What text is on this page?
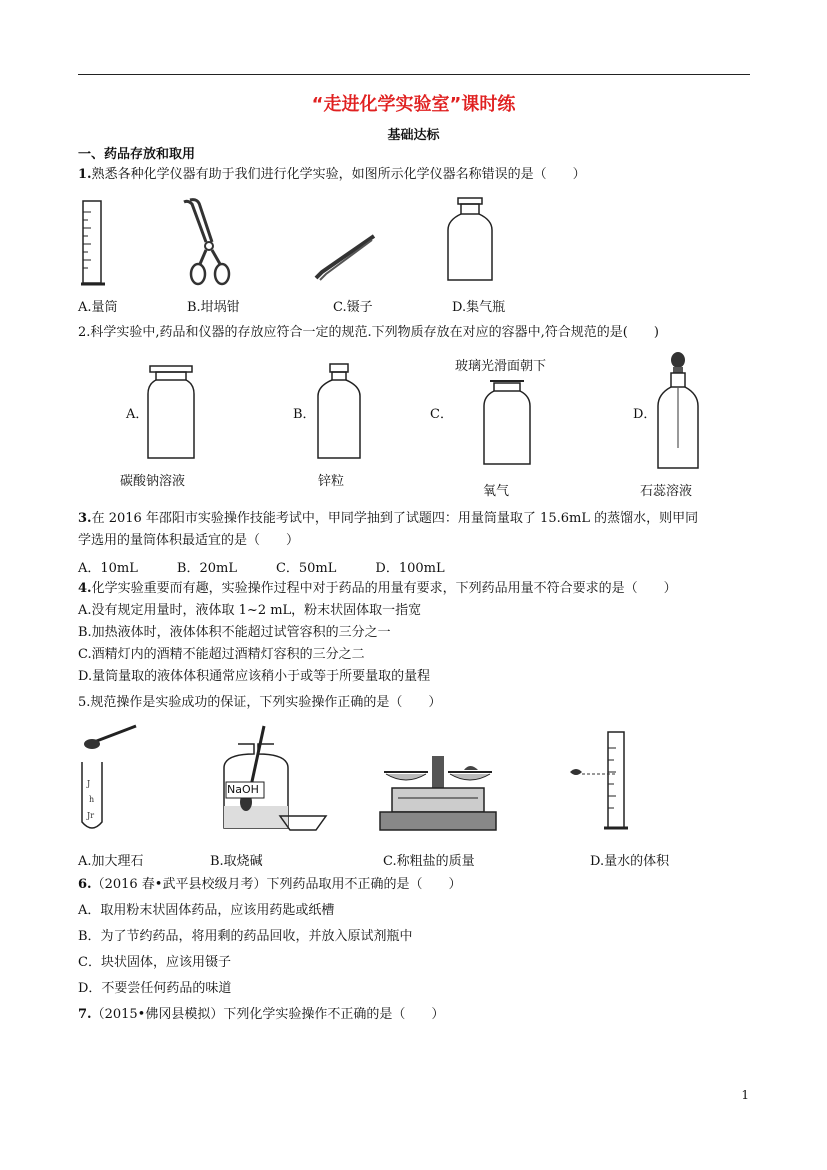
“走进化学实验室”课时练
基础达标
一、药品存放和取用
1.熟悉各种化学仪器有助于我们进行化学实验，如图所示化学仪器名称错误的是（　　）
A.量筒	B.坩埚钳	C.镊子	D.集气瓶
2.科学实验中,药品和仪器的存放应符合一定的规范.下列物质存放在对应的容器中,符合规范的是(　　)
玻璃光滑面朝下
A．
碳酸钠溶液
B．
锌粒
C．
氧气
D．
石蕊溶液
3.在 2016 年邵阳市实验操作技能考试中，甲同学抽到了试题四：用量筒量取了 15.6mL 的蒸馏水，则甲同
学选用的量筒体积最适宜的是（　　）
A．10mL　　　B．20mL　　　C．50mL　　　D．100mL
4.化学实验重要而有趣，实验操作过程中对于药品的用量有要求，下列药品用量不符合要求的是（　　）
A.没有规定用量时，液体取 1~2 mL，粉末状固体取一指宽
B.加热液体时，液体体积不能超过试管容积的三分之一
C.酒精灯内的酒精不能超过酒精灯容积的三分之二
D.量筒量取的液体体积通常应该稍小于或等于所要量取的量程
5.规范操作是实验成功的保证，下列实验操作正确的是（　　）
J
h
Jr
NaOH
A.加大理石	B.取烧碱	C.称粗盐的质量	D.量水的体积
6.（2016 春•武平县校级月考）下列药品取用不正确的是（　　）
A．取用粉末状固体药品，应该用药匙或纸槽
B．为了节约药品，将用剩的药品回收，并放入原试剂瓶中
C．块状固体，应该用镊子
D．不要尝任何药品的味道
7.（2015•佛冈县模拟）下列化学实验操作不正确的是（　　）
1
